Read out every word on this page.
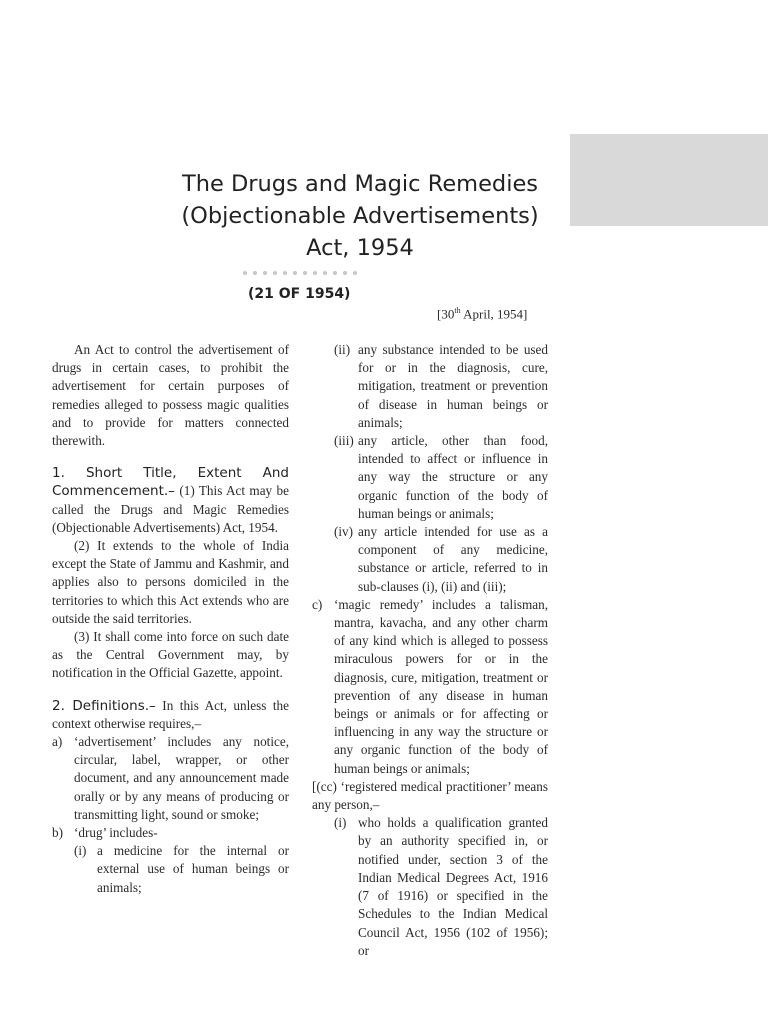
The Drugs and Magic Remedies
(Objectionable Advertisements)
Act, 1954
(21 OF 1954)
[30th April, 1954]

An Act to control the advertisement of drugs in certain cases, to prohibit the advertisement for certain purposes of remedies alleged to possess magic qualities and to provide for matters connected therewith.

1. Short Title, Extent And Commencement.– (1) This Act may be called the Drugs and Magic Remedies (Objectionable Advertisements) Act, 1954.

(2) It extends to the whole of India except the State of Jammu and Kashmir, and applies also to persons domiciled in the territories to which this Act extends who are outside the said territories.

(3) It shall come into force on such date as the Central Government may, by notification in the Official Gazette, appoint.

2. Definitions.– In this Act, unless the context otherwise requires,–

a) ‘advertisement’ includes any notice, circular, label, wrapper, or other document, and any announcement made orally or by any means of producing or transmitting light, sound or smoke;
b) ‘drug’ includes-
(i) a medicine for the internal or external use of human beings or animals;
(ii) any substance intended to be used for or in the diagnosis, cure, mitigation, treatment or prevention of disease in human beings or animals;
(iii) any article, other than food, intended to affect or influence in any way the structure or any organic function of the body of human beings or animals;
(iv) any article intended for use as a component of any medicine, substance or article, referred to in sub-clauses (i), (ii) and (iii);
c) ‘magic remedy’ includes a talisman, mantra, kavacha, and any other charm of any kind which is alleged to possess miraculous powers for or in the diagnosis, cure, mitigation, treatment or prevention of any disease in human beings or animals or for affecting or influencing in any way the structure or any organic function of the body of human beings or animals;

[(cc) ‘registered medical practitioner’ means any person,–

(i) who holds a qualification granted by an authority specified in, or notified under, section 3 of the Indian Medical Degrees Act, 1916 (7 of 1916) or specified in the Schedules to the Indian Medical Council Act, 1956 (102 of 1956); or
